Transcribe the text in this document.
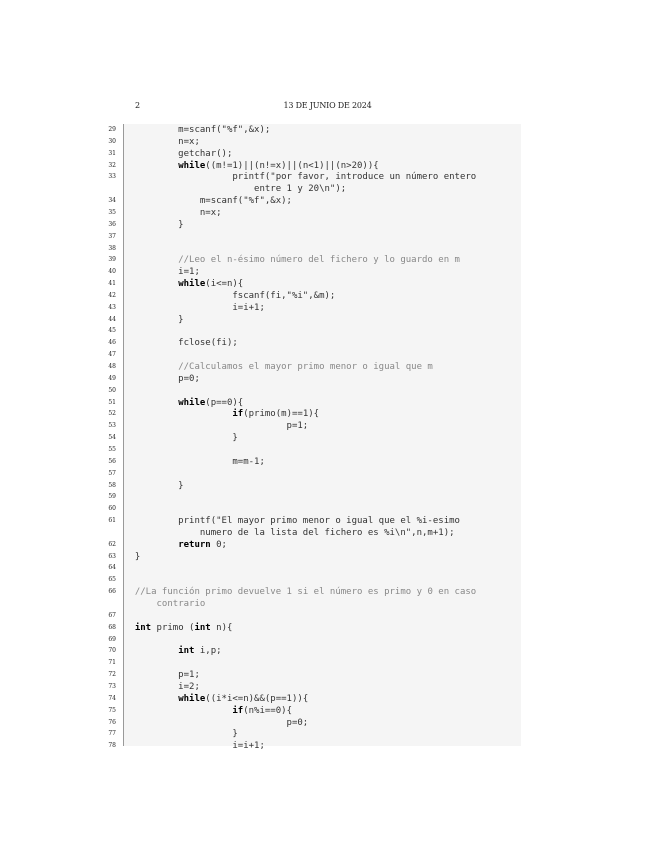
2	13 DE JUNIO DE 2024
29 m=scanf("%f",&x);
30 n=x;
31 getchar();
32	while((m!=1)||(n!=x)||(n<1)||(n>20)){
33 printf("por favor, introduce un número entero
entre 1 y 20\n");
34 m=scanf("%f",&x);
35 n=x;
36 }
37
38
39	//Leo el n-ésimo número del fichero y lo guardo en m
40 i=1;
41	while(i<=n){
42 fscanf(fi,"%i",&m);
43 i=i+1;
44 }
45
46 fclose(fi);
47
48	//Calculamos el mayor primo menor o igual que m
49 p=0;
50
51	while(p==0){
52	if(primo(m)==1){
53 p=1;
54 }
55
56 m=m-1;
57
58 }
59
60
61 printf("El mayor primo menor o igual que el %i-esimo
numero de la lista del fichero es %i\n",n,m+1);
62	return 0;
63 }
64
65
66	//La función primo devuelve 1 si el número es primo y 0 en caso
contrario
67
68	int primo (int n){
69
70	int i,p;
71
72 p=1;
73 i=2;
74	while((i*i<=n)&&(p==1)){
75	if(n%i==0){
76 p=0;
77 }
78 i=i+1;
